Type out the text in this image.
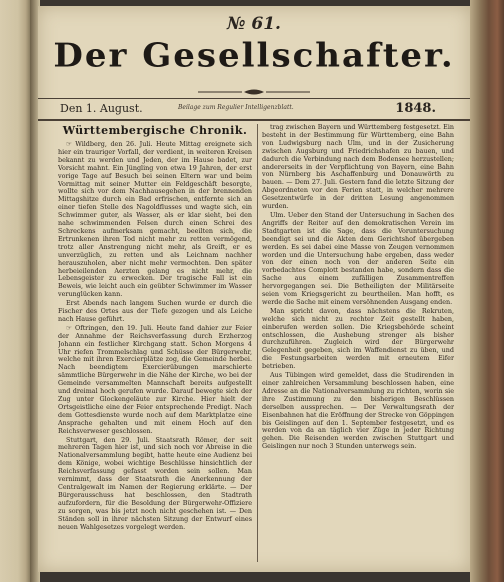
№ 61.
Der Gesellschafter.
Den 1. August.	Beilage zum Regulier Intelligenzblatt.	1848.
Württembergische Chronik.

☞ Wildberg, den 26. Juli. Heute Mittag ereignete sich hier ein trauriger Vorfall, der verdient, in weiteren Kreisen bekannt zu werden und Jeden, der im Hause badet, zur Vorsicht mahnt. Ein Jüngling von etwa 19 Jahren, der erst vorige Tage auf Besuch bei seinen Eltern war und beim Vormittag mit seiner Mutter ein Feldgeschäft besorgte, wollte sich vor dem Nachhausegehen in der brennenden Mittagshitze durch ein Bad erfrischen, entfernte sich an einer tiefen Stelle des Nagoldflusses und wagte sich, ein Schwimmer guter, als Wasser, als er klar sieht, bei den nahe schwimmenden Felsen durch einen Schrei des Schreckens aufmerksam gemacht, beeilten sich, die Ertrunkenen ihren Tod nicht mehr zu retten vermögend, trotz aller Anstrengung nicht mehr, als Greift, er es unverzüglich, zu retten und als Leichnam nachher herauszuholen, aber nicht mehr vermochten. Den später herbeieilenden Aerzten gelang es nicht mehr, die Lebensgeister zu erwecken. Der tragische Fall ist ein Beweis, wie leicht auch ein geübter Schwimmer im Wasser verunglücken kann.

Erst Abends nach langem Suchen wurde er durch die Fischer des Ortes aus der Tiefe gezogen und als Leiche nach Hause geführt.

☞ Oftringen, den 19. Juli. Heute fand dahier zur Feier der Annahme der Reichsverfassung durch Erzherzog Johann ein festlicher Kirchgang statt. Schon Morgens 4 Uhr riefen Trommelschlag und Schüsse der Bürgerwehr, welche mit ihren Exercierplätze zog, die Gemeinde herbei. Nach beendigtem Exercierübungen marschierte sämmtliche Bürgerwehr in die Nähe der Kirche, wo bei der Gemeinde versammelten Mannschaft bereits aufgestellt und dreimal hoch gerufen wurde. Darauf bewegte sich der Zug unter Glockengeläute zur Kirche. Hier hielt der Ortsgeistliche eine der Feier entsprechende Predigt. Nach dem Gottesdienste wurde noch auf dem Marktplatze eine Ansprache gehalten und mit einem Hoch auf den Reichsverweser geschlossen.

Stuttgart, den 29. Juli. Staatsrath Römer, der seit mehreren Tagen hier ist, und sich noch vor Abreise in die Nationalversammlung begibt, hatte heute eine Audienz bei dem Könige, wobei wichtige Beschlüsse hinsichtlich der Reichsverfassung gefasst worden sein sollen. Man vernimmt, dass der Staatsrath die Anerkennung der Centralgewalt im Namen der Regierung erklärte. — Der Bürgerausschuss hat beschlossen, den Stadtrath aufzufordern, für die Besoldung der Bürgerwehr-Offiziere zu sorgen, was bis jetzt noch nicht geschehen ist. — Den Ständen soll in ihrer nächsten Sitzung der Entwurf eines neuen Wahlgesetzes vorgelegt werden.

trag zwischen Bayern und Württemberg festgesetzt. Ein besteht in der Bestimmung für Württemberg, eine Bahn von Ludwigsburg nach Ulm, und in der Zusicherung zwischen Augsburg und Friedrichshafen zu bauen, und dadurch die Verbindung nach dem Bodensee herzustellen; andererseits in der Verpflichtung von Bayern, eine Bahn von Nürnberg bis Aschaffenburg und Donauwörth zu bauen. — Dem 27. Juli. Gestern fand die letzte Sitzung der Abgeordneten vor den Ferien statt, in welcher mehrere Gesetzentwürfe in der dritten Lesung angenommen wurden.

Ulm. Ueber den Stand der Untersuchung in Sachen des Angriffs der Reiter auf den demokratischen Verein im Stadtgarten ist die Sage, dass die Voruntersuchung beendigt sei und die Akten dem Gerichtshof übergeben werden. Es sei dabei eine Masse von Zeugen vernommen worden und die Untersuchung habe ergeben, dass weder von der einen noch von der anderen Seite ein vorbedachtes Complott bestanden habe, sondern dass die Sache aus einem zufälligen Zusammentreffen hervorgegangen sei. Die Betheiligten der Militärseite seien vom Kriegsgericht zu beurtheilen. Man hofft, es werde die Sache mit einem versöhnenden Ausgang enden.

Man spricht davon, dass nächstens die Rekruten, welche sich nicht zu rechter Zeit gestellt haben, einberufen werden sollen. Die Kriegsbehörde scheint entschlossen, die Aushebung strenger als bisher durchzuführen. Zugleich wird der Bürgerwehr Gelegenheit gegeben, sich im Waffendienst zu üben, und die Festungsarbeiten werden mit erneutem Eifer betrieben.

Aus Tübingen wird gemeldet, dass die Studirenden in einer zahlreichen Versammlung beschlossen haben, eine Adresse an die Nationalversammlung zu richten, worin sie ihre Zustimmung zu den bisherigen Beschlüssen derselben aussprechen. — Der Verwaltungsrath der Eisenbahnen hat die Eröffnung der Strecke von Göppingen bis Geislingen auf den 1. September festgesetzt, und es werden von da an täglich vier Züge in jeder Richtung gehen. Die Reisenden werden zwischen Stuttgart und Geislingen nur noch 3 Stunden unterwegs sein.
